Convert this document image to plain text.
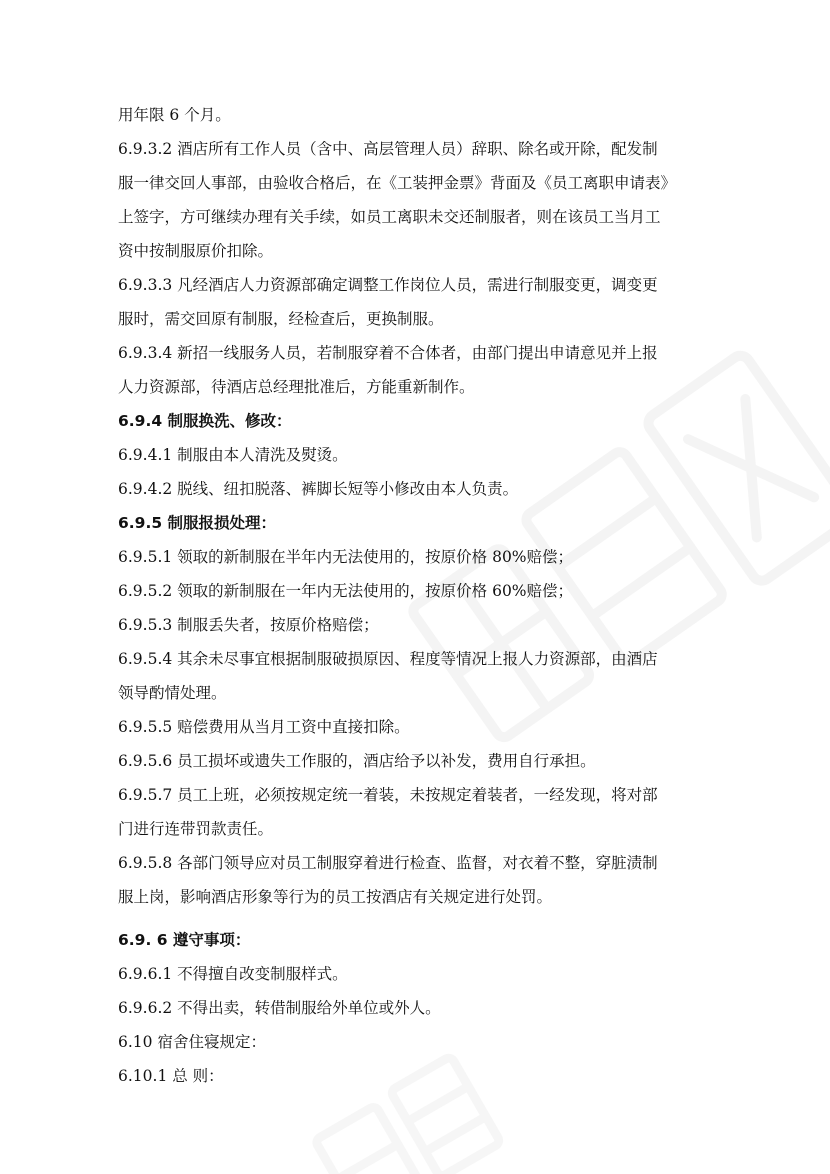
用年限 6 个月。
6.9.3.2 酒店所有工作人员（含中、高层管理人员）辞职、除名或开除，配发制
服一律交回人事部，由验收合格后，在《工装押金票》背面及《员工离职申请表》
上签字，方可继续办理有关手续，如员工离职未交还制服者，则在该员工当月工
资中按制服原价扣除。
6.9.3.3 凡经酒店人力资源部确定调整工作岗位人员，需进行制服变更，调变更
服时，需交回原有制服，经检查后，更换制服。
6.9.3.4 新招一线服务人员，若制服穿着不合体者，由部门提出申请意见并上报
人力资源部，待酒店总经理批准后，方能重新制作。
6.9.4 制服换洗、修改：
6.9.4.1 制服由本人清洗及熨烫。
6.9.4.2 脱线、纽扣脱落、裤脚长短等小修改由本人负责。
6.9.5 制服报损处理：
6.9.5.1 领取的新制服在半年内无法使用的，按原价格 80%赔偿；
6.9.5.2 领取的新制服在一年内无法使用的，按原价格 60%赔偿；
6.9.5.3 制服丢失者，按原价格赔偿；
6.9.5.4 其余未尽事宜根据制服破损原因、程度等情况上报人力资源部，由酒店
领导酌情处理。
6.9.5.5 赔偿费用从当月工资中直接扣除。
6.9.5.6 员工损坏或遗失工作服的，酒店给予以补发，费用自行承担。
6.9.5.7 员工上班，必须按规定统一着装，未按规定着装者，一经发现，将对部
门进行连带罚款责任。
6.9.5.8 各部门领导应对员工制服穿着进行检查、监督，对衣着不整，穿脏渍制
服上岗，影响酒店形象等行为的员工按酒店有关规定进行处罚。
6.9. 6 遵守事项：
6.9.6.1 不得擅自改变制服样式。
6.9.6.2 不得出卖，转借制服给外单位或外人。
6.10 宿舍住寝规定：
6.10.1 总 则：
